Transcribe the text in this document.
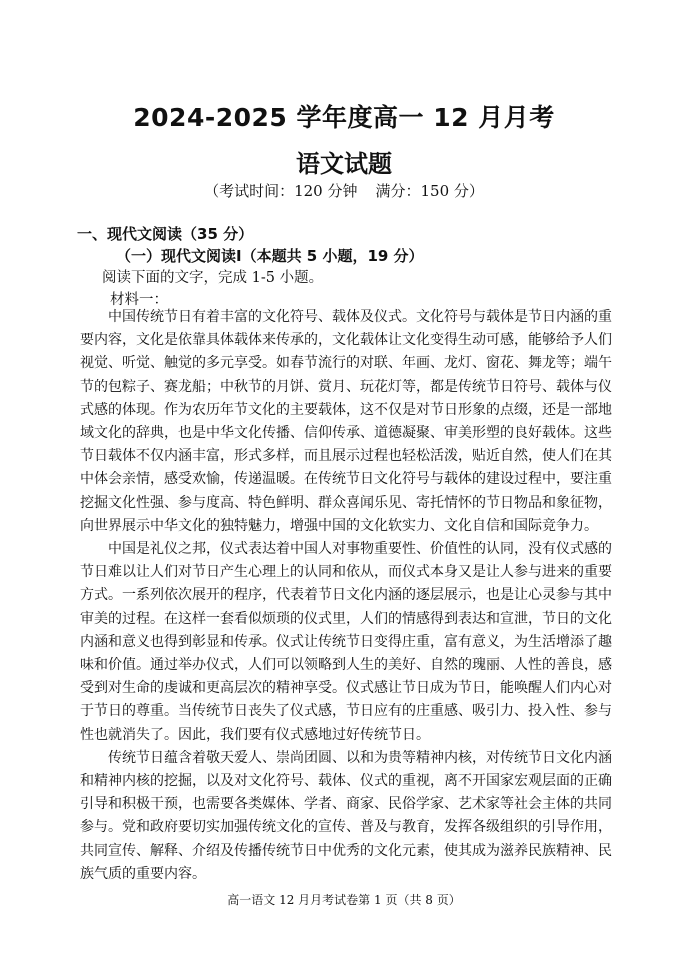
2024-2025 学年度高一 12 月月考
语文试题
（考试时间：120 分钟 满分：150 分）
一、现代文阅读（35 分）
（一）现代文阅读Ⅰ（本题共 5 小题，19 分）
阅读下面的文字，完成 1-5 小题。
材料一：

中国传统节日有着丰富的文化符号、载体及仪式。文化符号与载体是节日内涵的重要内容，文化是依靠具体载体来传承的，文化载体让文化变得生动可感，能够给予人们视觉、听觉、触觉的多元享受。如春节流行的对联、年画、龙灯、窗花、舞龙等；端午节的包粽子、赛龙船；中秋节的月饼、赏月、玩花灯等，都是传统节日符号、载体与仪式感的体现。作为农历年节文化的主要载体，这不仅是对节日形象的点缀，还是一部地域文化的辞典，也是中华文化传播、信仰传承、道德凝聚、审美形塑的良好载体。这些节日载体不仅内涵丰富，形式多样，而且展示过程也轻松活泼，贴近自然，使人们在其中体会亲情，感受欢愉，传递温暖。在传统节日文化符号与载体的建设过程中，要注重挖掘文化性强、参与度高、特色鲜明、群众喜闻乐见、寄托情怀的节日物品和象征物，向世界展示中华文化的独特魅力，增强中国的文化软实力、文化自信和国际竞争力。

中国是礼仪之邦，仪式表达着中国人对事物重要性、价值性的认同，没有仪式感的节日难以让人们对节日产生心理上的认同和依从，而仪式本身又是让人参与进来的重要方式。一系列依次展开的程序，代表着节日文化内涵的逐层展示，也是让心灵参与其中审美的过程。在这样一套看似烦琐的仪式里，人们的情感得到表达和宣泄，节日的文化内涵和意义也得到彰显和传承。仪式让传统节日变得庄重，富有意义，为生活增添了趣味和价值。通过举办仪式，人们可以领略到人生的美好、自然的瑰丽、人性的善良，感受到对生命的虔诚和更高层次的精神享受。仪式感让节日成为节日，能唤醒人们内心对于节日的尊重。当传统节日丧失了仪式感，节日应有的庄重感、吸引力、投入性、参与性也就消失了。因此，我们要有仪式感地过好传统节日。

传统节日蕴含着敬天爱人、崇尚团圆、以和为贵等精神内核，对传统节日文化内涵和精神内核的挖掘，以及对文化符号、载体、仪式的重视，离不开国家宏观层面的正确引导和积极干预，也需要各类媒体、学者、商家、民俗学家、艺术家等社会主体的共同参与。党和政府要切实加强传统文化的宣传、普及与教育，发挥各级组织的引导作用，共同宣传、解释、介绍及传播传统节日中优秀的文化元素，使其成为滋养民族精神、民族气质的重要内容。

高一语文 12 月月考试卷第 1 页（共 8 页）
